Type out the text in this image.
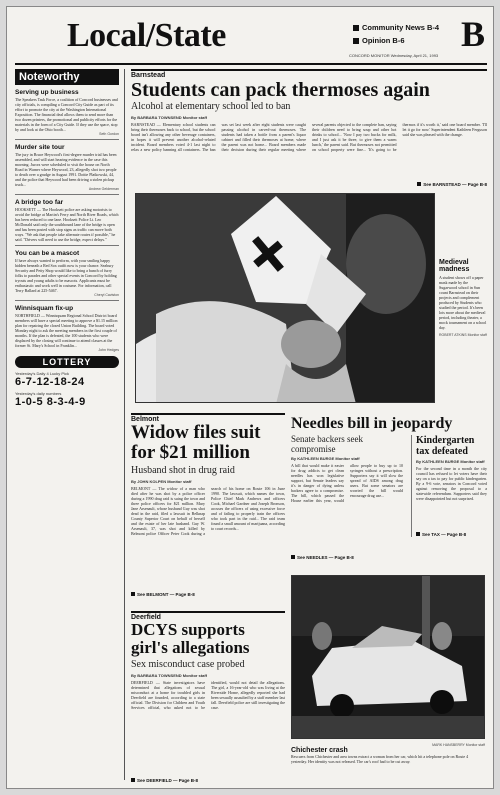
Local/State	Community News B-4
Opinion B-6	B
CONCORD MONITOR Wednesday, April 21, 1993
Noteworthy
Serving up business
The Speakers Task Force, a coalition of Concord businesses and city officials, is compiling a Concord City Guide as part of its effort to promote the city at the Washington International Exposition. The financial deal allows them to send more than two dozen printers, the promotional and publicity efforts for the materials in the form of a City Guide. If they use the space, stop by and look at the Ohio booth...
Seth Gordon
Murder site tour
The jury in Bruce Heywood's first-degree murder trial has been assembled, and will start hearing evidence in the case this morning. Jurors were scheduled to visit the house on North Road in Warner where Heywood, 23, allegedly shot two people to death over a grudge in August 1991. Dottie Platkowski, 44, and the police that Heywood had been driving a stolen pickup truck...
Andrew Gelderman
A bridge too far
HOOKSETT — The Hooksett police are asking motorists to avoid the bridge at Martin's Ferry and North River Roads, which has been reduced to one lane. Hooksett Police Lt. Leo McDonald said only the southbound lane of the bridge is open and has been posted with stop signs as traffic can move both ways. "We ask that people take alternate routes if possible," he said. "Drivers will need to use the bridge, expect delays."
You can be a mascot
If have always wanted to perform, with your smiling happy hidden beneath a Red Sox outfit now is your chance. Seabury Security and Petty Shop would like to bring a bunch of furry folks to parades and other special events in Concord by holding tryouts and young adults to be mascots. Applicants must be enthusiastic and work well in costume. For information, call Terry Ballard at 225-5467.
Cheryl Caviston
Winnisquam fix-up
NORTHFIELD — Winnisquam Regional School District board members will have a special meeting to approve a $1.15 million plan for repairing the closed Union Building. The board voted Monday night to ask the meeting members in the first couple of months. If the plan is defeated, the 100 students who were displaced by the closing will continue to attend classes at the former St. Mary's School in Franklin...
John Hedges
LOTTERY
Yesterday's Daily 4 Lucky Pick
6-7-12-18-24
Yesterday's daily numbers
1-0-5 8-3-4-9
Barnstead
Students can pack thermoses again
Alcohol at elementary school led to ban
By BARBARA TOWNSEND Monitor staff
BARNSTEAD — Elementary school students can bring their thermoses back to school, but the school board isn't allowing any other beverage containers, in hopes it will prevent another alcohol-related incident. Board members voted 4-1 last night to relax a new policy banning all containers. The ban was set last week after eight students were caught passing alcohol in carved-out thermoses. The students had taken a bottle from a parent's liquor cabinet and filled their thermoses at home, where the parent was not home... Board members made their decision during their regular meeting where several parents objected to the complete ban, saying their children need to bring soup and other hot drinks to school... 'Now I pay two bucks for milk, and I just ask it be three, to give them a warm lunch,' the parent said. But thermoses not permitted on school property were fine... 'It's going to be thermos if it's worth it,' said one board member. 'I'll let it go for now.' Superintendent Kathleen Ferguson said she was pleased with the change.
See BARNSTEAD — Page B-8
Medieval madness
A student shows off a paper mask made by the Sugarwood school in Sun count Barnstead on their projects and complement produced by Students who studied the period. It's been lots more about the medieval period, including theater, a mock tournament on a school day.
ROBERT ATKINS Monitor staff
Belmont
Widow files suit for $21 million
Husband shot in drug raid
By JOHN KOLPEN Monitor staff
BELMONT — The widow of a man who died after he was shot by a police officer during a 1990 drug raid is suing the town and three police officers for $21 million. Mary Jane Arsenault, whose husband Guy was shot dead in the raid, filed a lawsuit in Belknap County Superior Court on behalf of herself and the estate of her late husband. Guy W. Arsenault, 37, was shot and killed by Belmont police Officer Peter Cook during a search of his home on Route 106 in June 1990. The lawsuit, which names the town, Police Chief Mark Andrews and officers Cook, Michael Gardner and Joseph Bronson, accuses the officers of using excessive force and of failing to properly train the officers who took part in the raid... The raid team found a small amount of marijuana, according to court records...
See BELMONT — Page B-8
Needles bill in jeopardy
Senate backers seek compromise
By KATHLEEN BURGE Monitor staff
A bill that would make it easier for drug addicts to get clean needles has won legislative support, but Senate leaders say it's in danger of dying unless backers agree to a compromise. The bill, which passed the House earlier this year, would allow people to buy up to 10 syringes without a prescription. Supporters say it will slow the spread of AIDS among drug users. But some senators are worried the bill would encourage drug use...
See NEEDLES — Page B-8
Kindergarten tax defeated
By KATHLEEN BURGE Monitor staff
For the second time in a month the city council has refused to let voters have their say on a tax to pay for public kindergarten. By a 9-6 vote, senators in Concord voted against removing the proposal to a statewide referendum. Supporters said they were disappointed but not surprised.
See TAX — Page B-8
Deerfield
DCYS supports girl's allegations
Sex misconduct case probed
By BARBARA TOWNSEND Monitor staff
DEERFIELD — State investigators have determined that allegations of sexual misconduct at a home for troubled girls in Deerfield are founded, according to a state official. The Division for Children and Youth Services official, who asked not to be identified, would not detail the allegations. The girl, a 16-year-old who was living at the Riverside Home, allegedly reported she had been sexually assaulted by a staff member last fall. Deerfield police are still investigating the case.
See DEERFIELD — Page B-8
MARK HANSBERRY Monitor staff
Chichester crash
Rescuers from Chichester and area towns extract a woman from her car, which hit a telephone pole on Route 4 yesterday. Her identity was not released. The car's roof had to be cut away.
